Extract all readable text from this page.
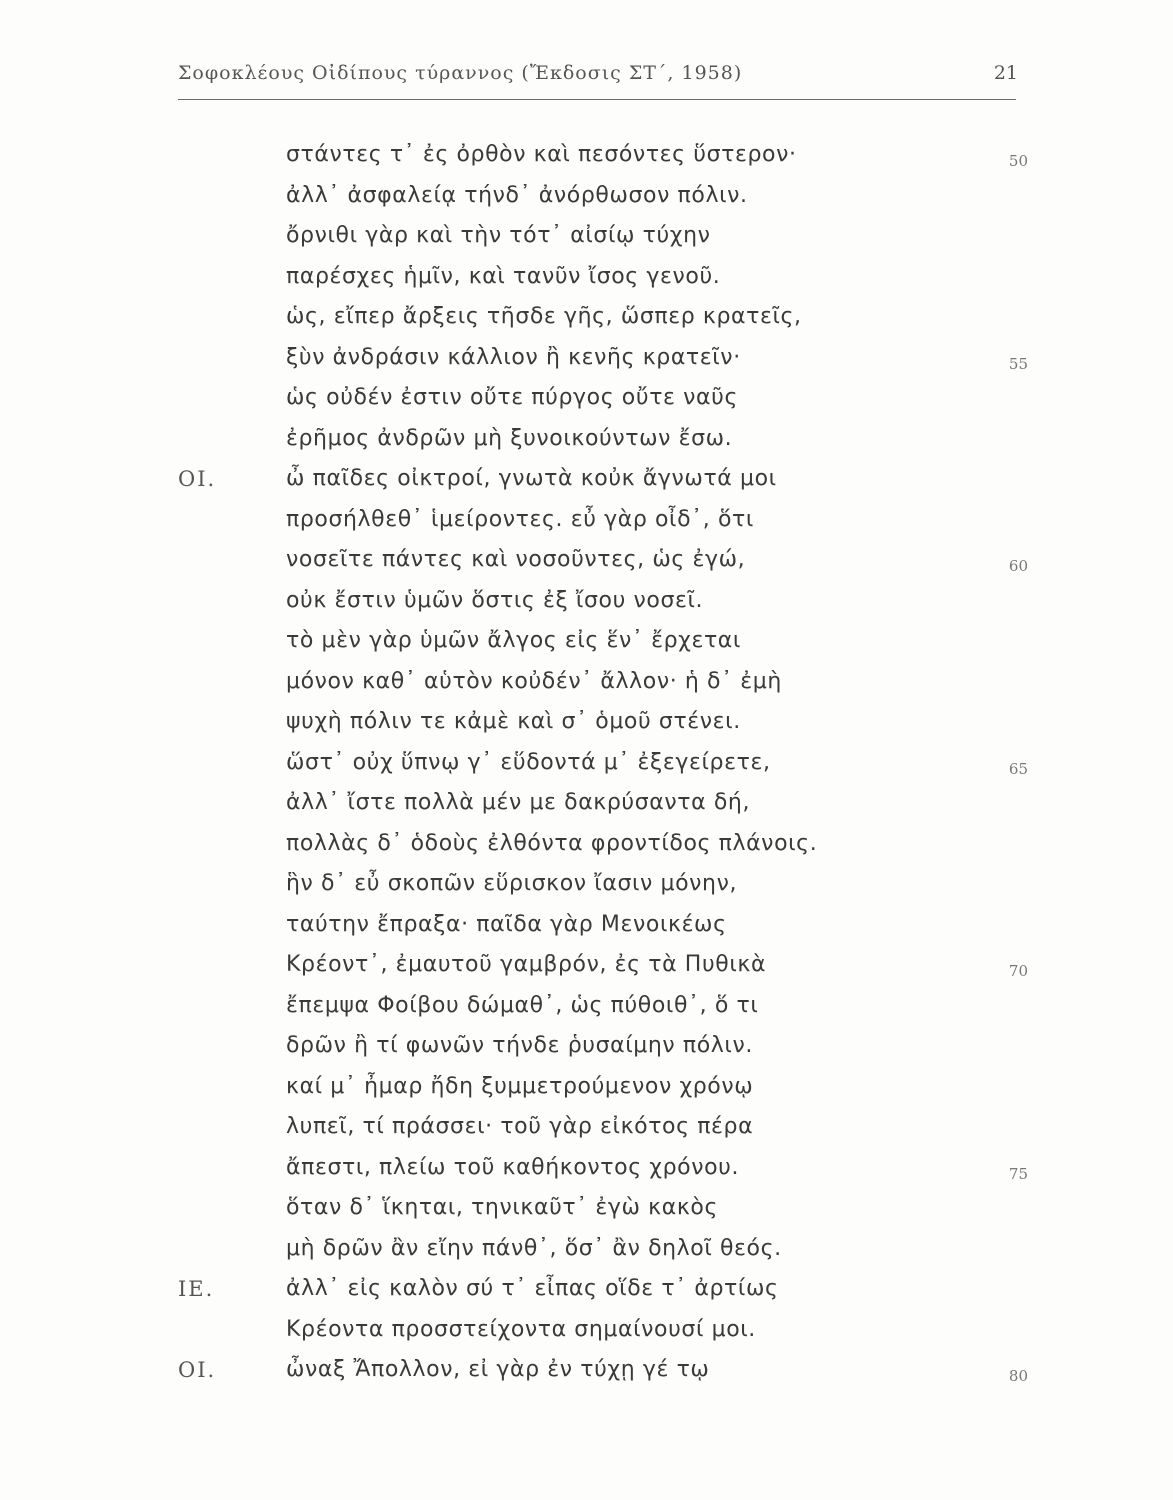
Σοφοκλέους Οἰδίπους τύραννος (Ἔκδοσις ΣΤ΄, 1958)	21
στάντες τ᾽ ἐς ὀρθὸν καὶ πεσόντες ὕστερον·	50
ἀλλ᾽ ἀσφαλείᾳ τήνδ᾽ ἀνόρθωσον πόλιν.
ὄρνιθι γὰρ καὶ τὴν τότ᾽ αἰσίῳ τύχην
παρέσχες ἡμῖν, καὶ τανῦν ἴσος γενοῦ.
ὡς, εἴπερ ἄρξεις τῆσδε γῆς, ὥσπερ κρατεῖς,
ξὺν ἀνδράσιν κάλλιον ἢ κενῆς κρατεῖν·	55
ὡς οὐδέν ἐστιν οὔτε πύργος οὔτε ναῦς
ἐρῆμος ἀνδρῶν μὴ ξυνοικούντων ἔσω.
ΟΙ.	ὦ παῖδες οἰκτροί, γνωτὰ κοὐκ ἄγνωτά μοι
προσήλθεθ᾽ ἱμείροντες. εὖ γὰρ οἶδ᾽, ὅτι
νοσεῖτε πάντες καὶ νοσοῦντες, ὡς ἐγώ,	60
οὐκ ἔστιν ὑμῶν ὅστις ἐξ ἴσου νοσεῖ.
τὸ μὲν γὰρ ὑμῶν ἄλγος εἰς ἕν᾽ ἔρχεται
μόνον καθ᾽ αὑτὸν κοὐδέν᾽ ἄλλον· ἡ δ᾽ ἐμὴ
ψυχὴ πόλιν τε κἀμὲ καὶ σ᾽ ὁμοῦ στένει.
ὥστ᾽ οὐχ ὕπνῳ γ᾽ εὕδοντά μ᾽ ἐξεγείρετε,	65
ἀλλ᾽ ἴστε πολλὰ μέν με δακρύσαντα δή,
πολλὰς δ᾽ ὁδοὺς ἐλθόντα φροντίδος πλάνοις.
ἣν δ᾽ εὖ σκοπῶν εὕρισκον ἴασιν μόνην,
ταύτην ἔπραξα· παῖδα γὰρ Μενοικέως
Κρέοντ᾽, ἐμαυτοῦ γαμβρόν, ἐς τὰ Πυθικὰ	70
ἔπεμψα Φοίβου δώμαθ᾽, ὡς πύθοιθ᾽, ὅ τι
δρῶν ἢ τί φωνῶν τήνδε ῥυσαίμην πόλιν.
καί μ᾽ ἦμαρ ἤδη ξυμμετρούμενον χρόνῳ
λυπεῖ, τί πράσσει· τοῦ γὰρ εἰκότος πέρα
ἄπεστι, πλείω τοῦ καθήκοντος χρόνου.	75
ὅταν δ᾽ ἵκηται, τηνικαῦτ᾽ ἐγὼ κακὸς
μὴ δρῶν ἂν εἴην πάνθ᾽, ὅσ᾽ ἂν δηλοῖ θεός.
ΙΕ.	ἀλλ᾽ εἰς καλὸν σύ τ᾽ εἶπας οἵδε τ᾽ ἀρτίως
Κρέοντα προσστείχοντα σημαίνουσί μοι.
ΟΙ.	ὦναξ Ἄπολλον, εἰ γὰρ ἐν τύχῃ γέ τῳ	80
